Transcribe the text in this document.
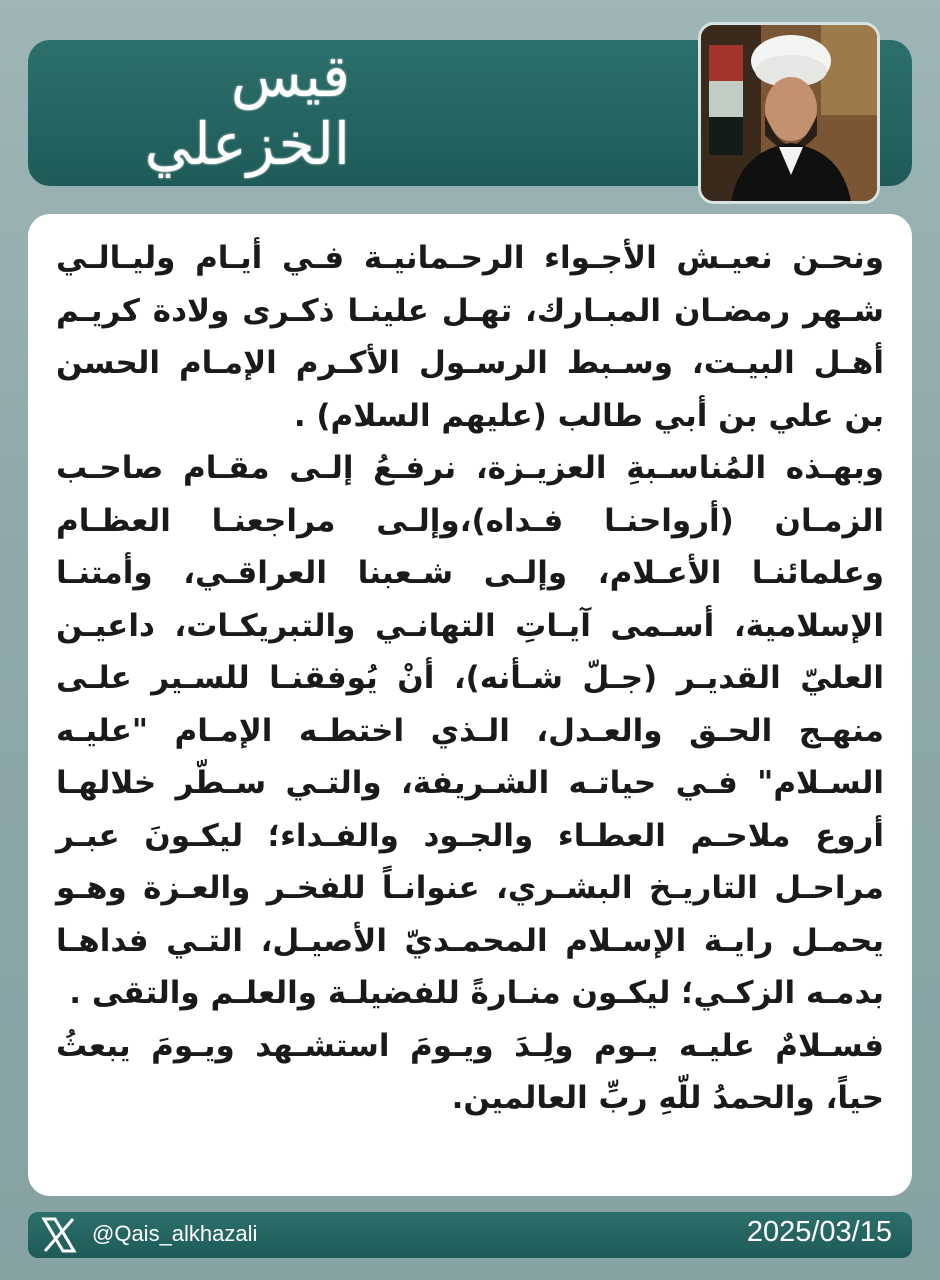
قيس الخزعلي

ونحـن نعيـش الأجـواء الرحـمانيـة فـي أيـام وليـالـي شـهر رمضـان المبـارك، تهـل علينـا ذكـرى ولادة كريـم أهـل البيـت، وسـبط الرسـول الأكـرم الإمـام الحسن بن علي بن أبي طالب (عليهم السلام) .

وبهـذه المُناسـبةِ العزيـزة، نرفـعُ إلـى مقـام صاحـب الزمـان (أرواحنـا فـداه)،وإلـى مراجعنـا العظـام وعلمائنـا الأعـلام، وإلـى شـعبنا العراقـي، وأمتنـا الإسلامية، أسـمى آيـاتِ التهانـي والتبريكـات، داعيـن العليّ القديـر (جـلّ شـأنه)، أنْ يُوفقنـا للسـير علـى منهـج الحـق والعـدل، الـذي اختطـه الإمـام "عليـه السـلام" فـي حياتـه الشـريفة، والتـي سـطّر خلالهـا أروع ملاحـم العطـاء والجـود والفـداء؛ ليكـونَ عبـر مراحـل التاريـخ البشـري، عنوانـاً للفخـر والعـزة وهـو يحمـل رايـة الإسـلام المحمـديّ الأصيـل، التـي فداهـا بدمـه الزكـي؛ ليكـون منـارةً للفضيلـة والعلـم والتقى .

فسـلامٌ عليـه يـوم ولِـدَ ويـومَ استشـهد ويـومَ يبعثُ حياً، والحمدُ للّهِ ربِّ العالمين.

@Qais_alkhazali	2025/03/15
